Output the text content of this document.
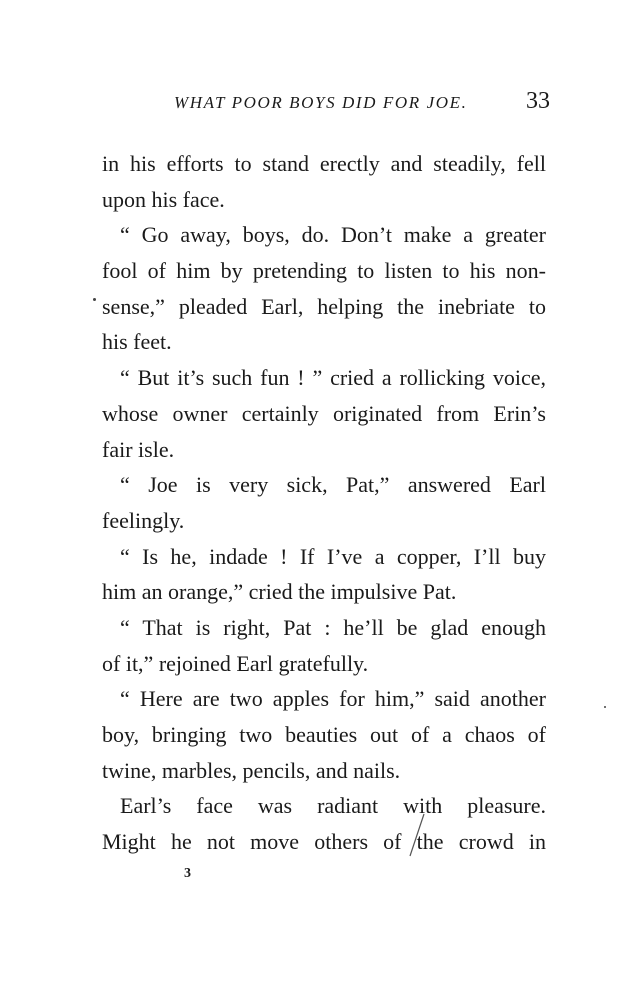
WHAT POOR BOYS DID FOR JOE. 33
in his efforts to stand erectly and steadily, fell
upon his face.
“ Go away, boys, do. Don’t make a greater
fool of him by pretending to listen to his non-
sense,” pleaded Earl, helping the inebriate to
his feet.
“ But it’s such fun ! ” cried a rollicking voice,
whose owner certainly originated from Erin’s
fair isle.
“ Joe is very sick, Pat,” answered Earl
feelingly.
“ Is he, indade ! If I’ve a copper, I’ll buy
him an orange,” cried the impulsive Pat.
“ That is right, Pat : he’ll be glad enough
of it,” rejoined Earl gratefully.
“ Here are two apples for him,” said another
boy, bringing two beauties out of a chaos of
twine, marbles, pencils, and nails.
Earl’s face was radiant with pleasure.
Might he not move others of the crowd in
3
